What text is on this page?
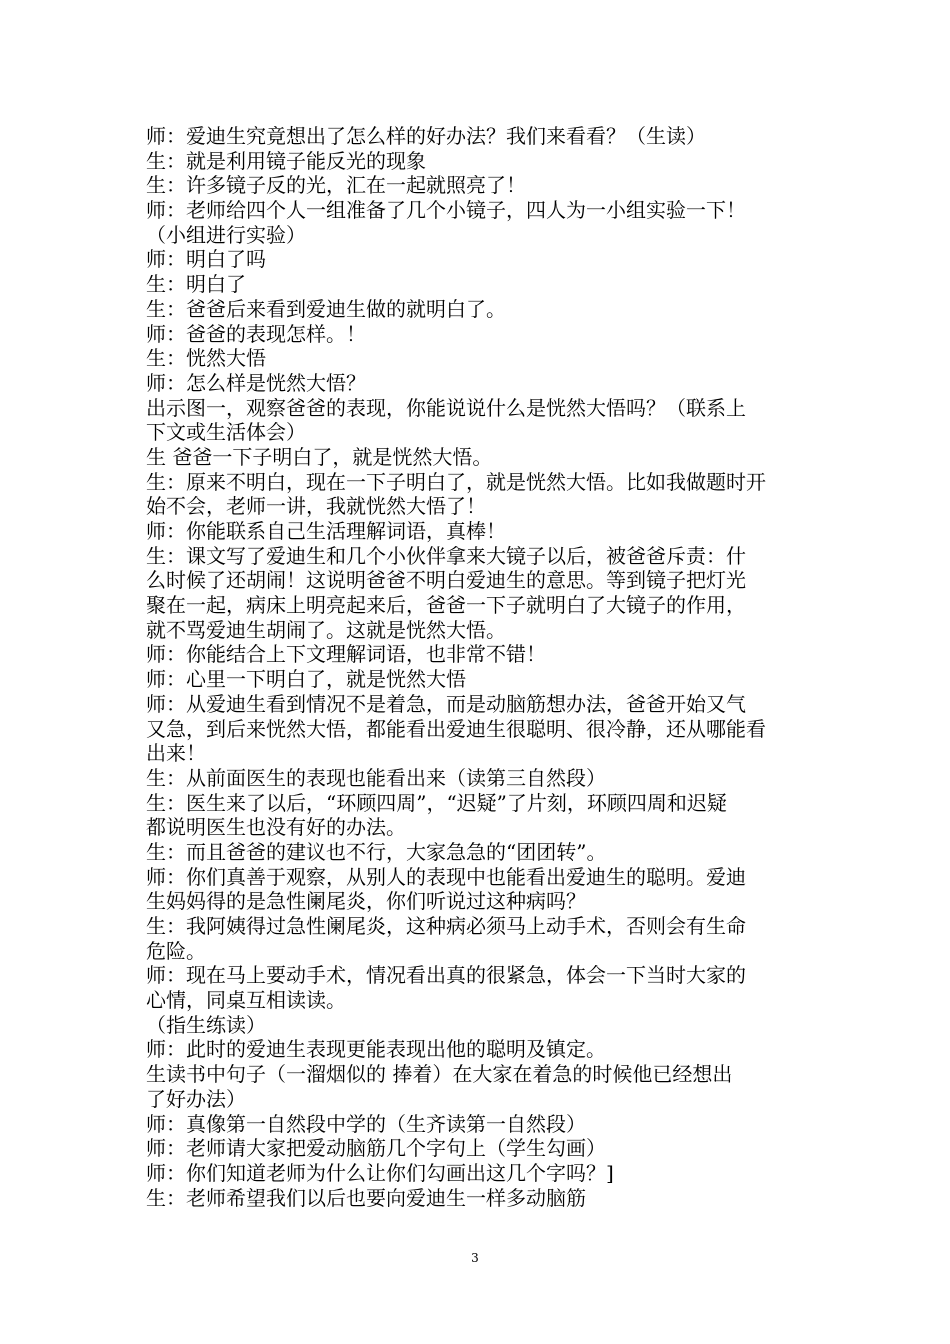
师：爱迪生究竟想出了怎么样的好办法？我们来看看？（生读）
生：就是利用镜子能反光的现象
生：许多镜子反的光，汇在一起就照亮了！
师：老师给四个人一组准备了几个小镜子，四人为一小组实验一下！
（小组进行实验）
师：明白了吗
生：明白了
生：爸爸后来看到爱迪生做的就明白了。
师：爸爸的表现怎样。！
生：恍然大悟
师：怎么样是恍然大悟？
出示图一，观察爸爸的表现，你能说说什么是恍然大悟吗？（联系上
下文或生活体会）
生 爸爸一下子明白了，就是恍然大悟。
生：原来不明白，现在一下子明白了，就是恍然大悟。比如我做题时开
始不会，老师一讲，我就恍然大悟了！
师：你能联系自己生活理解词语，真棒！
生：课文写了爱迪生和几个小伙伴拿来大镜子以后，被爸爸斥责：什
么时候了还胡闹！这说明爸爸不明白爱迪生的意思。等到镜子把灯光
聚在一起，病床上明亮起来后，爸爸一下子就明白了大镜子的作用，
就不骂爱迪生胡闹了。这就是恍然大悟。
师：你能结合上下文理解词语，也非常不错！
师：心里一下明白了，就是恍然大悟
师：从爱迪生看到情况不是着急，而是动脑筋想办法，爸爸开始又气
又急，到后来恍然大悟，都能看出爱迪生很聪明、很冷静，还从哪能看
出来！
生：从前面医生的表现也能看出来（读第三自然段）
生：医生来了以后，“环顾四周”，“迟疑”了片刻，环顾四周和迟疑
都说明医生也没有好的办法。
生：而且爸爸的建议也不行，大家急急的“团团转”。
师：你们真善于观察，从别人的表现中也能看出爱迪生的聪明。爱迪
生妈妈得的是急性阑尾炎，你们听说过这种病吗？
生：我阿姨得过急性阑尾炎，这种病必须马上动手术，否则会有生命
危险。
师：现在马上要动手术，情况看出真的很紧急，体会一下当时大家的
心情，同桌互相读读。
（指生练读）
师：此时的爱迪生表现更能表现出他的聪明及镇定。
生读书中句子（一溜烟似的 捧着）在大家在着急的时候他已经想出
了好办法）
师：真像第一自然段中学的（生齐读第一自然段）
师：老师请大家把爱动脑筋几个字句上（学生勾画）
师：你们知道老师为什么让你们勾画出这几个字吗？]
生：老师希望我们以后也要向爱迪生一样多动脑筋
3
